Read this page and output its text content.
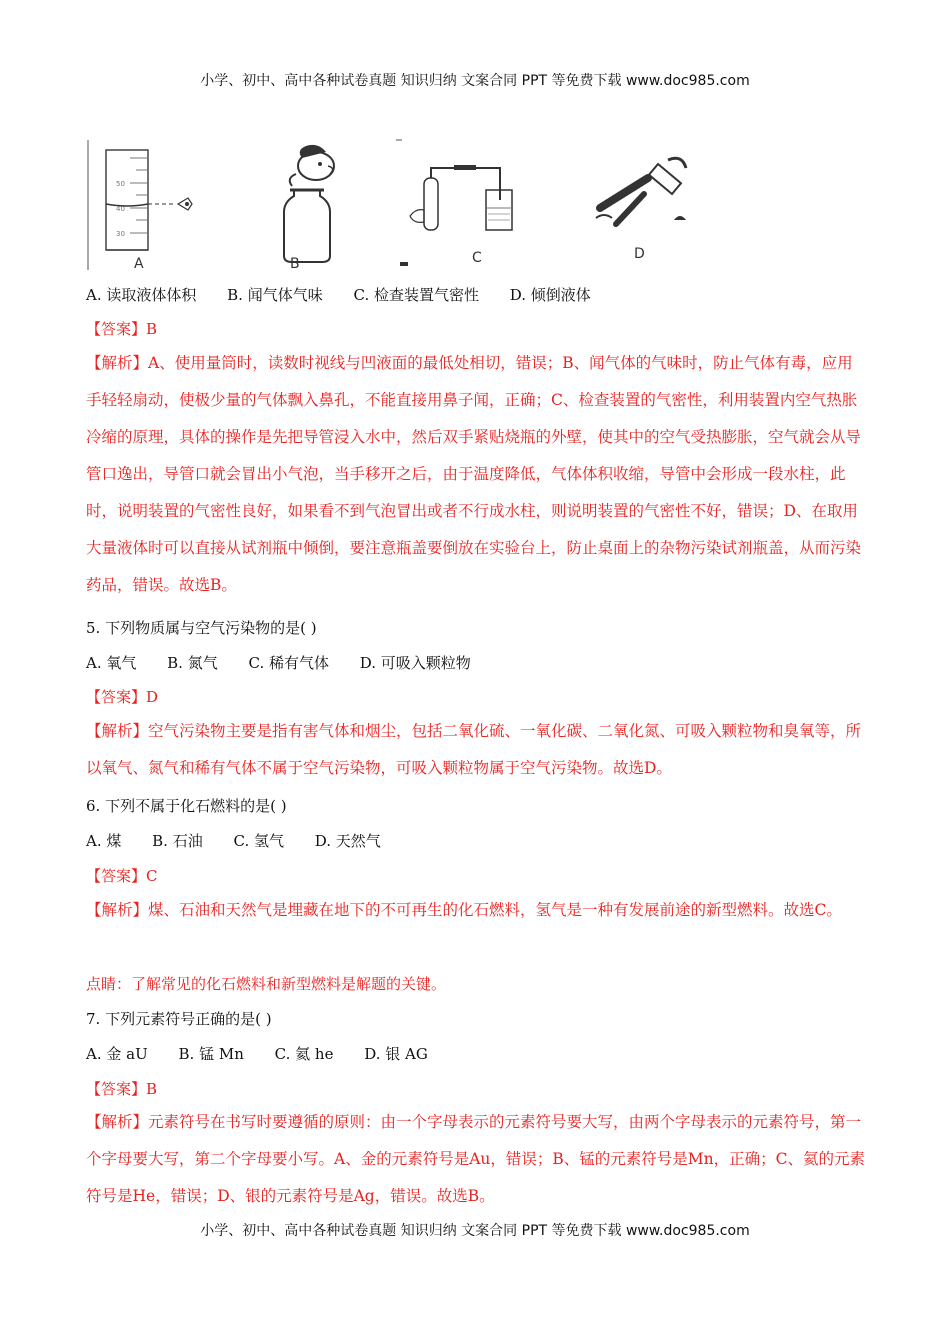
小学、初中、高中各种试卷真题 知识归纳 文案合同 PPT 等免费下载 www.doc985.com
50
40
30
A	B	C	D
A. 读取液体体积 B. 闻气体气味 C. 检查装置气密性 D. 倾倒液体
【答案】B
【解析】A、使用量筒时，读数时视线与凹液面的最低处相切，错误；B、闻气体的气味时，防止气体有毒，应用手轻轻扇动，使极少量的气体飘入鼻孔，不能直接用鼻子闻，正确；C、检查装置的气密性，利用装置内空气热胀冷缩的原理，具体的操作是先把导管浸入水中，然后双手紧贴烧瓶的外壁，使其中的空气受热膨胀，空气就会从导管口逸出，导管口就会冒出小气泡，当手移开之后，由于温度降低，气体体积收缩，导管中会形成一段水柱，此时，说明装置的气密性良好，如果看不到气泡冒出或者不行成水柱，则说明装置的气密性不好，错误；D、在取用大量液体时可以直接从试剂瓶中倾倒，要注意瓶盖要倒放在实验台上，防止桌面上的杂物污染试剂瓶盖，从而污染药品，错误。故选B。
5. 下列物质属与空气污染物的是( )
A. 氧气 B. 氮气 C. 稀有气体 D. 可吸入颗粒物
【答案】D
【解析】空气污染物主要是指有害气体和烟尘，包括二氧化硫、一氧化碳、二氧化氮、可吸入颗粒物和臭氧等，所以氧气、氮气和稀有气体不属于空气污染物，可吸入颗粒物属于空气污染物。故选D。
6. 下列不属于化石燃料的是( )
A. 煤 B. 石油 C. 氢气 D. 天然气
【答案】C
【解析】煤、石油和天然气是埋藏在地下的不可再生的化石燃料，氢气是一种有发展前途的新型燃料。故选C。
点睛：了解常见的化石燃料和新型燃料是解题的关键。
7. 下列元素符号正确的是( )
A. 金 aU B. 锰 Mn C. 氦 he D. 银 AG
【答案】B
【解析】元素符号在书写时要遵循的原则：由一个字母表示的元素符号要大写，由两个字母表示的元素符号，第一个字母要大写，第二个字母要小写。A、金的元素符号是Au，错误；B、锰的元素符号是Mn，正确；C、氦的元素符号是He，错误；D、银的元素符号是Ag，错误。故选B。
小学、初中、高中各种试卷真题 知识归纳 文案合同 PPT 等免费下载 www.doc985.com
